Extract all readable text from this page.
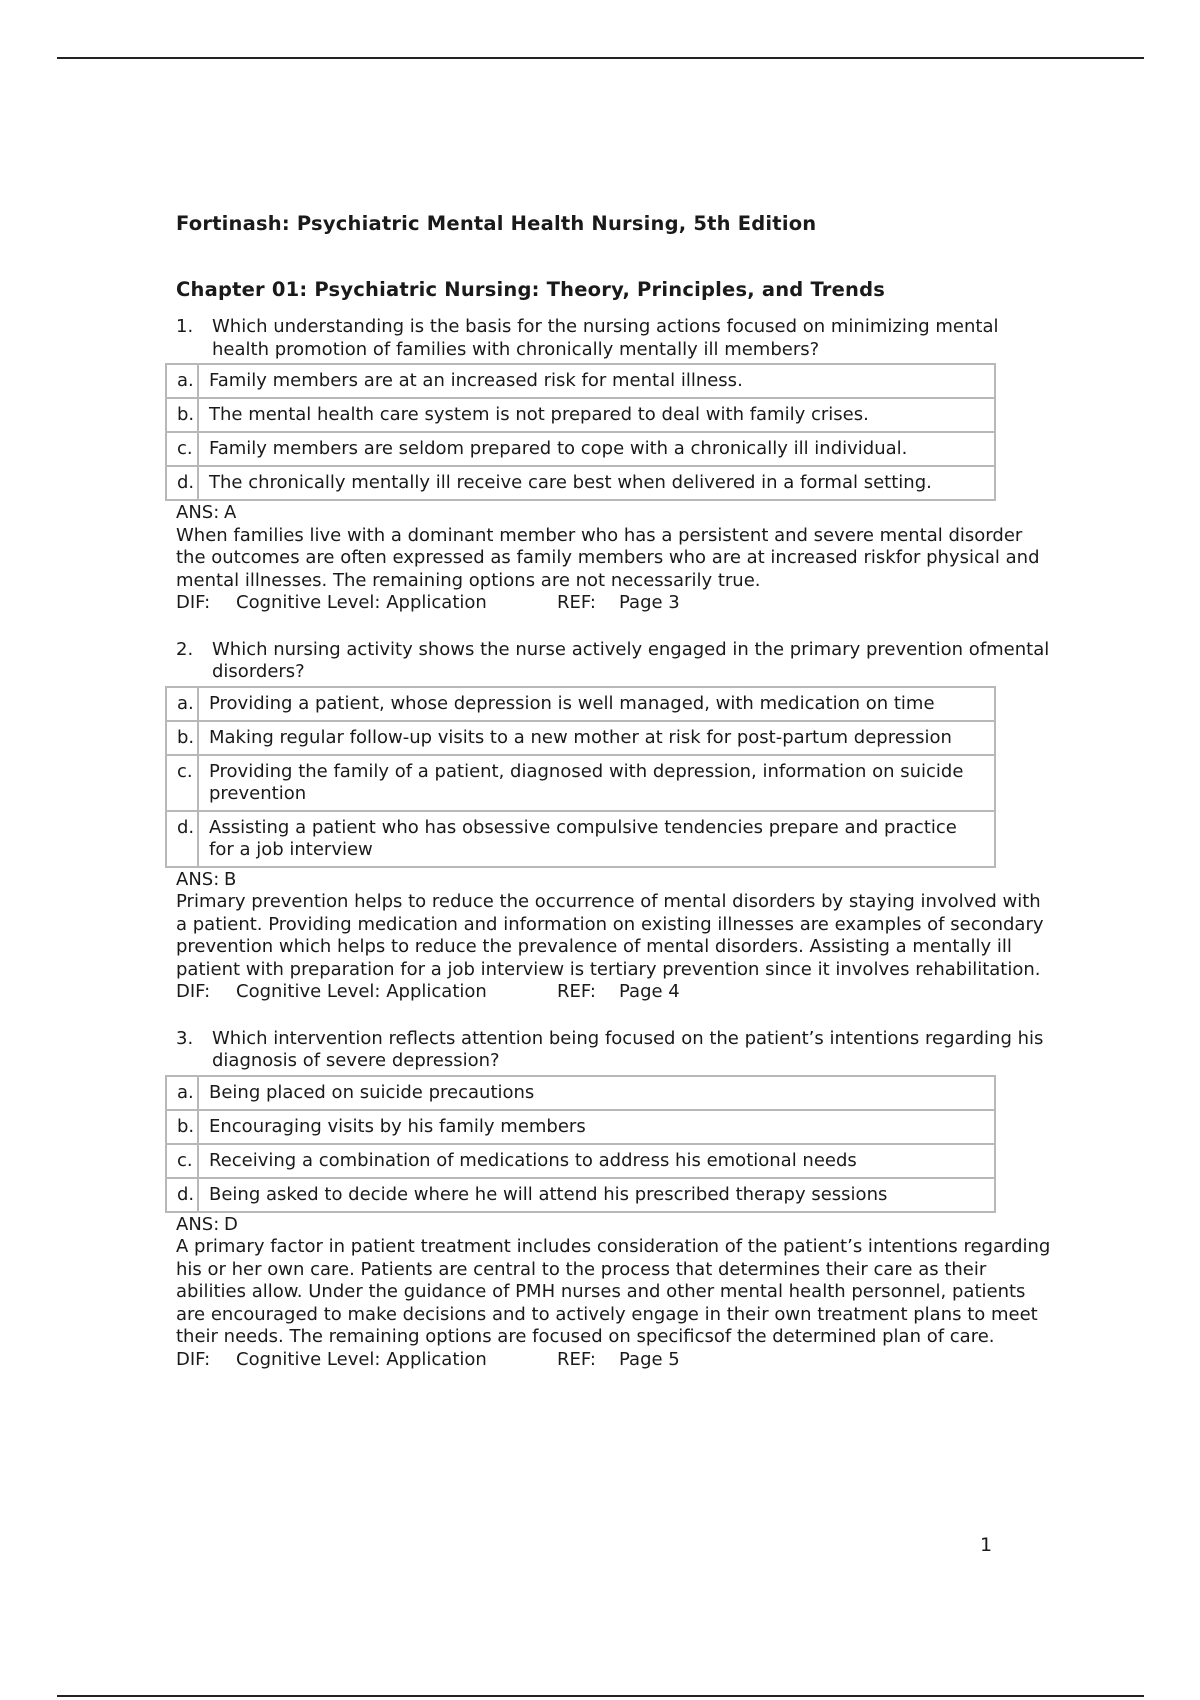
Fortinash: Psychiatric Mental Health Nursing, 5th Edition
Chapter 01: Psychiatric Nursing: Theory, Principles, and Trends
1.	Which understanding is the basis for the nursing actions focused on minimizing mental health promotion of families with chronically mentally ill members?
a.	Family members are at an increased risk for mental illness.
b.	The mental health care system is not prepared to deal with family crises.
c.	Family members are seldom prepared to cope with a chronically ill individual.
d.	The chronically mentally ill receive care best when delivered in a formal setting.
ANS: A
When families live with a dominant member who has a persistent and severe mental disorder the outcomes are often expressed as family members who are at increased riskfor physical and mental illnesses. The remaining options are not necessarily true.
DIF: Cognitive Level: Application	REF: Page 3
2.	Which nursing activity shows the nurse actively engaged in the primary prevention ofmental disorders?
a.	Providing a patient, whose depression is well managed, with medication on time
b.	Making regular follow-up visits to a new mother at risk for post-partum depression
c.	Providing the family of a patient, diagnosed with depression, information on suicide prevention
d.	Assisting a patient who has obsessive compulsive tendencies prepare and practice for a job interview
ANS: B
Primary prevention helps to reduce the occurrence of mental disorders by staying involved with a patient. Providing medication and information on existing illnesses are examples of secondary prevention which helps to reduce the prevalence of mental disorders. Assisting a mentally ill patient with preparation for a job interview is tertiary prevention since it involves rehabilitation.
DIF: Cognitive Level: Application	REF: Page 4
3.	Which intervention reflects attention being focused on the patient’s intentions regarding his diagnosis of severe depression?
a.	Being placed on suicide precautions
b.	Encouraging visits by his family members
c.	Receiving a combination of medications to address his emotional needs
d.	Being asked to decide where he will attend his prescribed therapy sessions
ANS: D
A primary factor in patient treatment includes consideration of the patient’s intentions regarding his or her own care. Patients are central to the process that determines their care as their abilities allow. Under the guidance of PMH nurses and other mental health personnel, patients are encouraged to make decisions and to actively engage in their own treatment plans to meet their needs. The remaining options are focused on specificsof the determined plan of care.
DIF: Cognitive Level: Application	REF: Page 5
1
